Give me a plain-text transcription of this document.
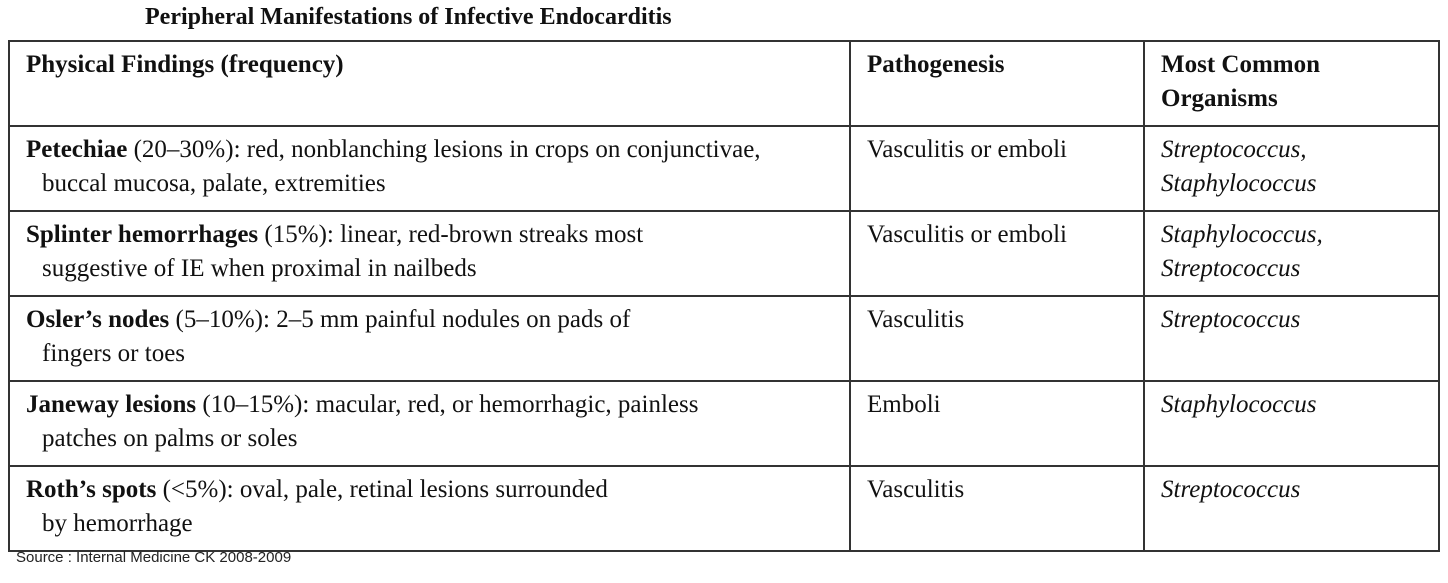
Peripheral Manifestations of Infective Endocarditis
Physical Findings (frequency)	Pathogenesis	Most Common
Organisms
Petechiae (20–30%): red, nonblanching lesions in crops on conjunctivae,
buccal mucosa, palate, extremities	Vasculitis or emboli	Streptococcus,
Staphylococcus
Splinter hemorrhages (15%): linear, red-brown streaks most
suggestive of IE when proximal in nailbeds	Vasculitis or emboli	Staphylococcus,
Streptococcus
Osler’s nodes (5–10%): 2–5 mm painful nodules on pads of
fingers or toes	Vasculitis	Streptococcus
Janeway lesions (10–15%): macular, red, or hemorrhagic, painless
patches on palms or soles	Emboli	Staphylococcus
Roth’s spots (<5%): oval, pale, retinal lesions surrounded
by hemorrhage	Vasculitis	Streptococcus
Source : Internal Medicine CK 2008-2009
